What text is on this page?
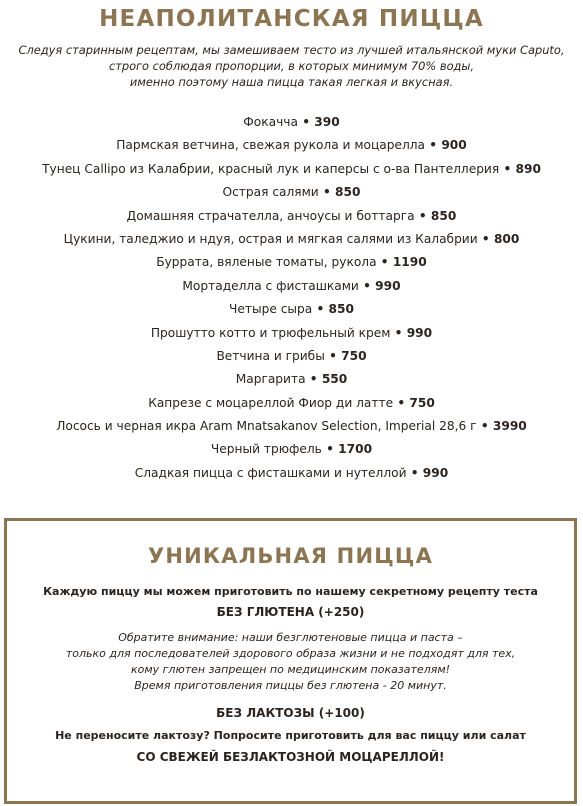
НЕАПОЛИТАНСКАЯ ПИЦЦА
Следуя старинным рецептам, мы замешиваем тесто из лучшей итальянской муки Caputo,
строго соблюдая пропорции, в которых минимум 70% воды,
именно поэтому наша пицца такая легкая и вкусная.
Фокачча • 390
Пармская ветчина, свежая рукола и моцарелла • 900
Тунец Callipo из Калабрии, красный лук и каперсы с о-ва Пантеллерия • 890
Острая салями • 850
Домашняя страчателла, анчоусы и боттарга • 850
Цукини, таледжио и ндуя, острая и мягкая салями из Калабрии • 800
Буррата, вяленые томаты, рукола • 1190
Мортаделла с фисташками • 990
Четыре сыра • 850
Прошутто котто и трюфельный крем • 990
Ветчина и грибы • 750
Маргарита • 550
Капрезе с моцареллой Фиор ди латте • 750
Лосось и черная икра Aram Mnatsakanov Selection, Imperial 28,6 г • 3990
Черный трюфель • 1700
Сладкая пицца с фисташками и нутеллой • 990
УНИКАЛЬНАЯ ПИЦЦА
Каждую пиццу мы можем приготовить по нашему секретному рецепту теста
БЕЗ ГЛЮТЕНА (+250)
Обратите внимание: наши безглютеновые пицца и паста –
только для последователей здорового образа жизни и не подходят для тех,
кому глютен запрещен по медицинским показателям!
Время приготовления пиццы без глютена - 20 минут.
БЕЗ ЛАКТОЗЫ (+100)
Не переносите лактозу? Попросите приготовить для вас пиццу или салат
СО СВЕЖЕЙ БЕЗЛАКТОЗНОЙ МОЦАРЕЛЛОЙ!
